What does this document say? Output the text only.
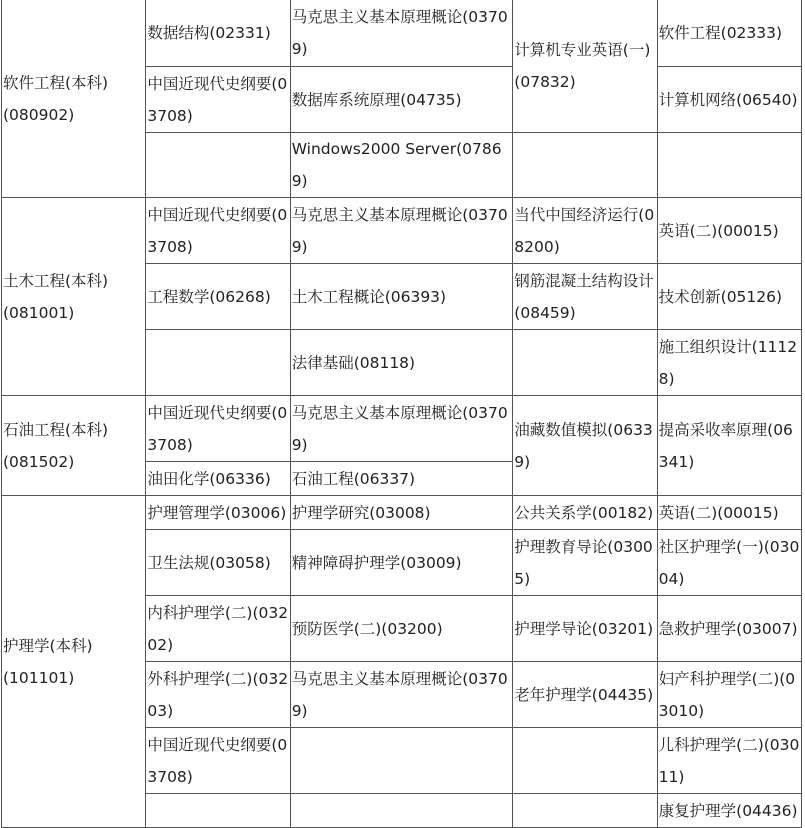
软件工程(本科)
(080902)	数据结构(02331)	马克思主义基本原理概论(03709)	计算机专业英语(一)(07832)	软件工程(02333)
	中国近现代史纲要(03708)	数据库系统原理(04735)		计算机网络(06540)
		Windows2000 Server(07869)		
土木工程(本科)
(081001)	中国近现代史纲要(03708)	马克思主义基本原理概论(03709)	当代中国经济运行(08200)	英语(二)(00015)
	工程数学(06268)	土木工程概论(06393)	钢筋混凝土结构设计(08459)	技术创新(05126)
		法律基础(08118)		施工组织设计(11128)
石油工程(本科)
(081502)	中国近现代史纲要(03708)	马克思主义基本原理概论(03709)	油藏数值模拟(06339)	提高采收率原理(06341)
	油田化学(06336)	石油工程(06337)		
护理学(本科)
(101101)	护理管理学(03006)	护理学研究(03008)	公共关系学(00182)	英语(二)(00015)
	卫生法规(03058)	精神障碍护理学(03009)	护理教育导论(03005)	社区护理学(一)(03004)
	内科护理学(二)(03202)	预防医学(二)(03200)	护理学导论(03201)	急救护理学(03007)
	外科护理学(二)(03203)	马克思主义基本原理概论(03709)	老年护理学(04435)	妇产科护理学(二)(03010)
	中国近现代史纲要(03708)			儿科护理学(二)(03011)
				康复护理学(04436)
